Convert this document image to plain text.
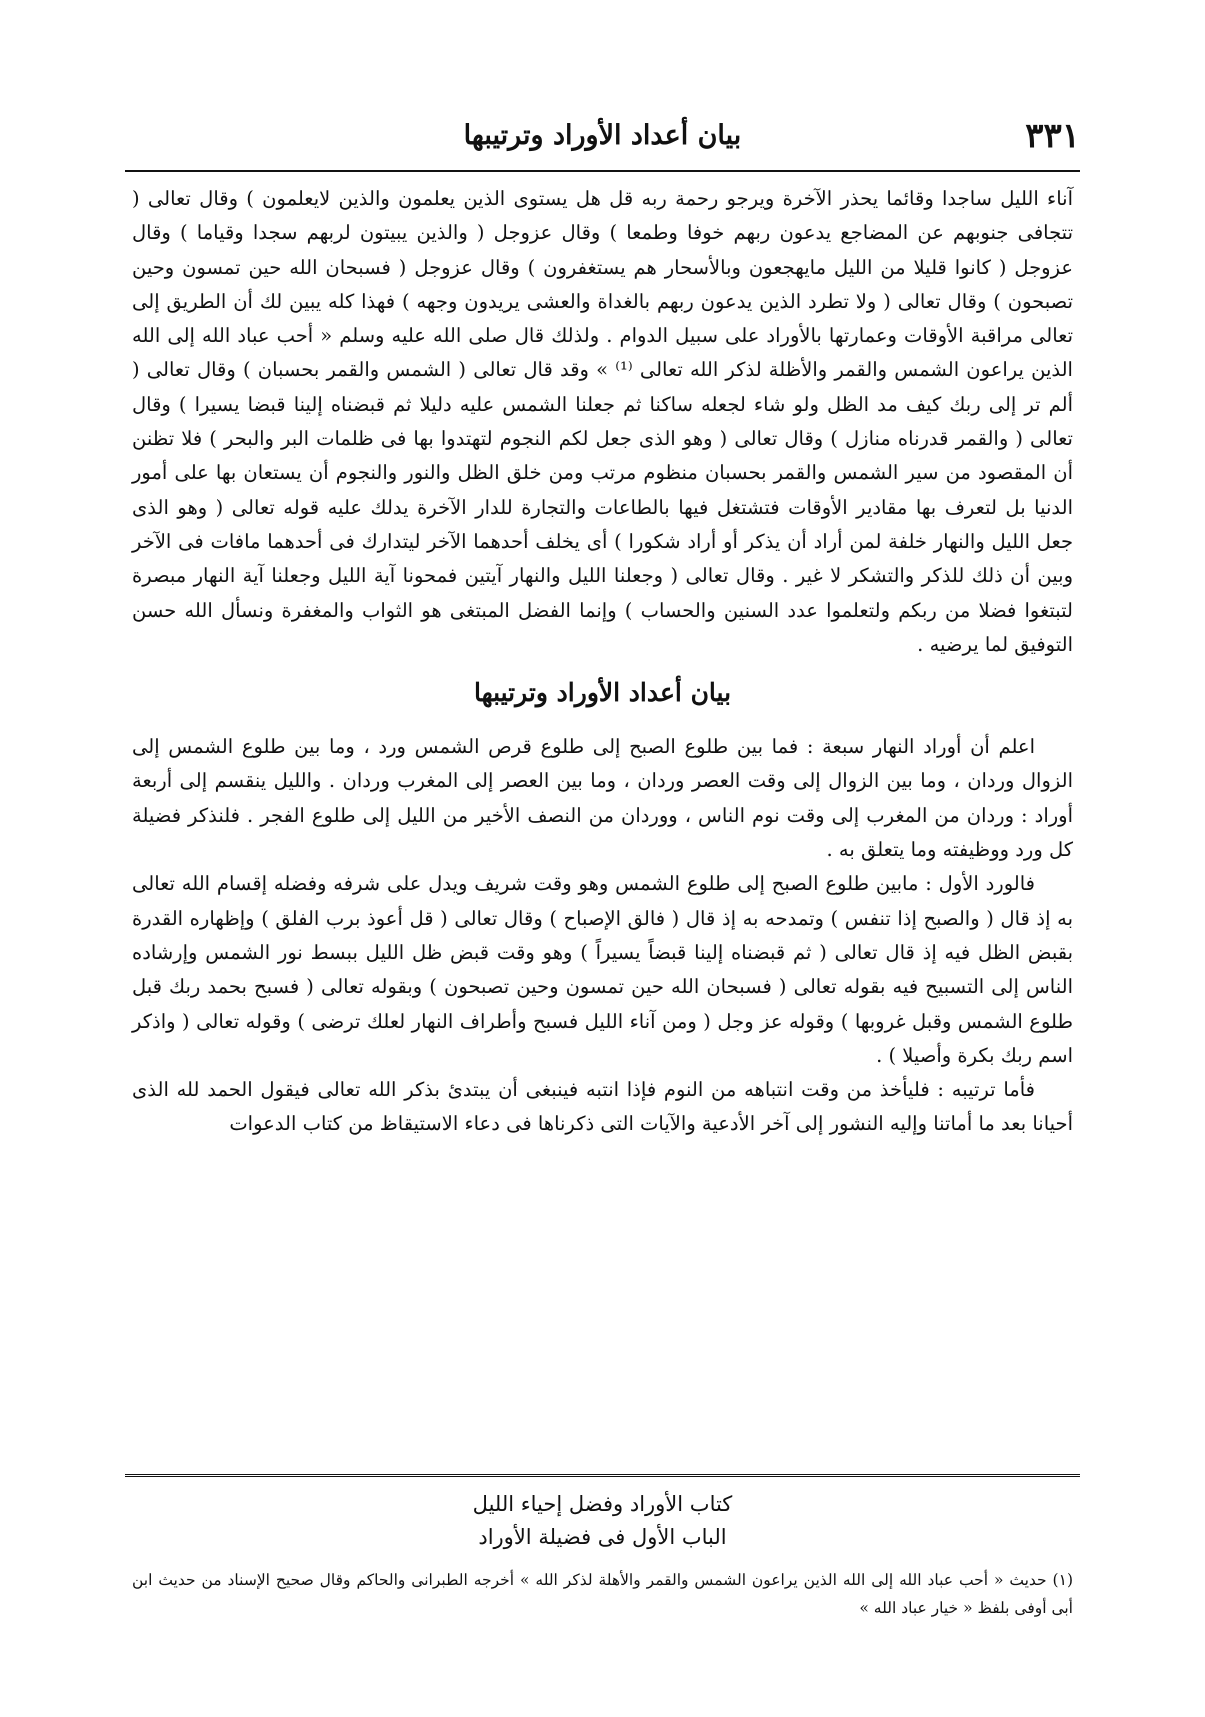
٣٣١
بيان أعداد الأوراد وترتيبها

آناء الليل ساجدا وقائما يحذر الآخرة ويرجو رحمة ربه قل هل يستوى الذين يعلمون والذين لايعلمون ) وقال تعالى ( تتجافى جنوبهم عن المضاجع يدعون ربهم خوفا وطمعا ) وقال عزوجل ( والذين يبيتون لربهم سجدا وقياما ) وقال عزوجل ( كانوا قليلا من الليل مايهجعون وبالأسحار هم يستغفرون ) وقال عزوجل ( فسبحان الله حين تمسون وحين تصبحون ) وقال تعالى ( ولا تطرد الذين يدعون ربهم بالغداة والعشى يريدون وجهه ) فهذا كله يبين لك أن الطريق إلى تعالى مراقبة الأوقات وعمارتها بالأوراد على سبيل الدوام . ولذلك قال صلى الله عليه وسلم « أحب عباد الله إلى الله الذين يراعون الشمس والقمر والأظلة لذكر الله تعالى ⁽¹⁾ » وقد قال تعالى ( الشمس والقمر بحسبان ) وقال تعالى ( ألم تر إلى ربك كيف مد الظل ولو شاء لجعله ساكنا ثم جعلنا الشمس عليه دليلا ثم قبضناه إلينا قبضا يسيرا ) وقال تعالى ( والقمر قدرناه منازل ) وقال تعالى ( وهو الذى جعل لكم النجوم لتهتدوا بها فى ظلمات البر والبحر ) فلا تظنن أن المقصود من سير الشمس والقمر بحسبان منظوم مرتب ومن خلق الظل والنور والنجوم أن يستعان بها على أمور الدنيا بل لتعرف بها مقادير الأوقات فتشتغل فيها بالطاعات والتجارة للدار الآخرة يدلك عليه قوله تعالى ( وهو الذى جعل الليل والنهار خلفة لمن أراد أن يذكر أو أراد شكورا ) أى يخلف أحدهما الآخر ليتدارك فى أحدهما مافات فى الآخر وبين أن ذلك للذكر والتشكر لا غير . وقال تعالى ( وجعلنا الليل والنهار آيتين فمحونا آية الليل وجعلنا آية النهار مبصرة لتبتغوا فضلا من ربكم ولتعلموا عدد السنين والحساب ) وإنما الفضل المبتغى هو الثواب والمغفرة ونسأل الله حسن التوفيق لما يرضيه .

بيان أعداد الأوراد وترتيبها

اعلم أن أوراد النهار سبعة : فما بين طلوع الصبح إلى طلوع قرص الشمس ورد ، وما بين طلوع الشمس إلى الزوال وردان ، وما بين الزوال إلى وقت العصر وردان ، وما بين العصر إلى المغرب وردان . والليل ينقسم إلى أربعة أوراد : وردان من المغرب إلى وقت نوم الناس ، ووردان من النصف الأخير من الليل إلى طلوع الفجر . فلنذكر فضيلة كل ورد ووظيفته وما يتعلق به .

فالورد الأول : مابين طلوع الصبح إلى طلوع الشمس وهو وقت شريف ويدل على شرفه وفضله إقسام الله تعالى به إذ قال ( والصبح إذا تنفس ) وتمدحه به إذ قال ( فالق الإصباح ) وقال تعالى ( قل أعوذ برب الفلق ) وإظهاره القدرة بقبض الظل فيه إذ قال تعالى ( ثم قبضناه إلينا قبضاً يسيراً ) وهو وقت قبض ظل الليل ببسط نور الشمس وإرشاده الناس إلى التسبيح فيه بقوله تعالى ( فسبحان الله حين تمسون وحين تصبحون ) وبقوله تعالى ( فسبح بحمد ربك قبل طلوع الشمس وقبل غروبها ) وقوله عز وجل ( ومن آناء الليل فسبح وأطراف النهار لعلك ترضى ) وقوله تعالى ( واذكر اسم ربك بكرة وأصيلا ) .

فأما ترتيبه : فليأخذ من وقت انتباهه من النوم فإذا انتبه فينبغى أن يبتدئ بذكر الله تعالى فيقول الحمد لله الذى أحيانا بعد ما أماتنا وإليه النشور إلى آخر الأدعية والآيات التى ذكرناها فى دعاء الاستيقاظ من كتاب الدعوات

كتاب الأوراد وفضل إحياء الليل
الباب الأول فى فضيلة الأوراد
(١) حديث « أحب عباد الله إلى الله الذين يراعون الشمس والقمر والأهلة لذكر الله » أخرجه الطبرانى والحاكم وقال صحيح الإسناد من حديث ابن أبى أوفى بلفظ « خيار عباد الله »
